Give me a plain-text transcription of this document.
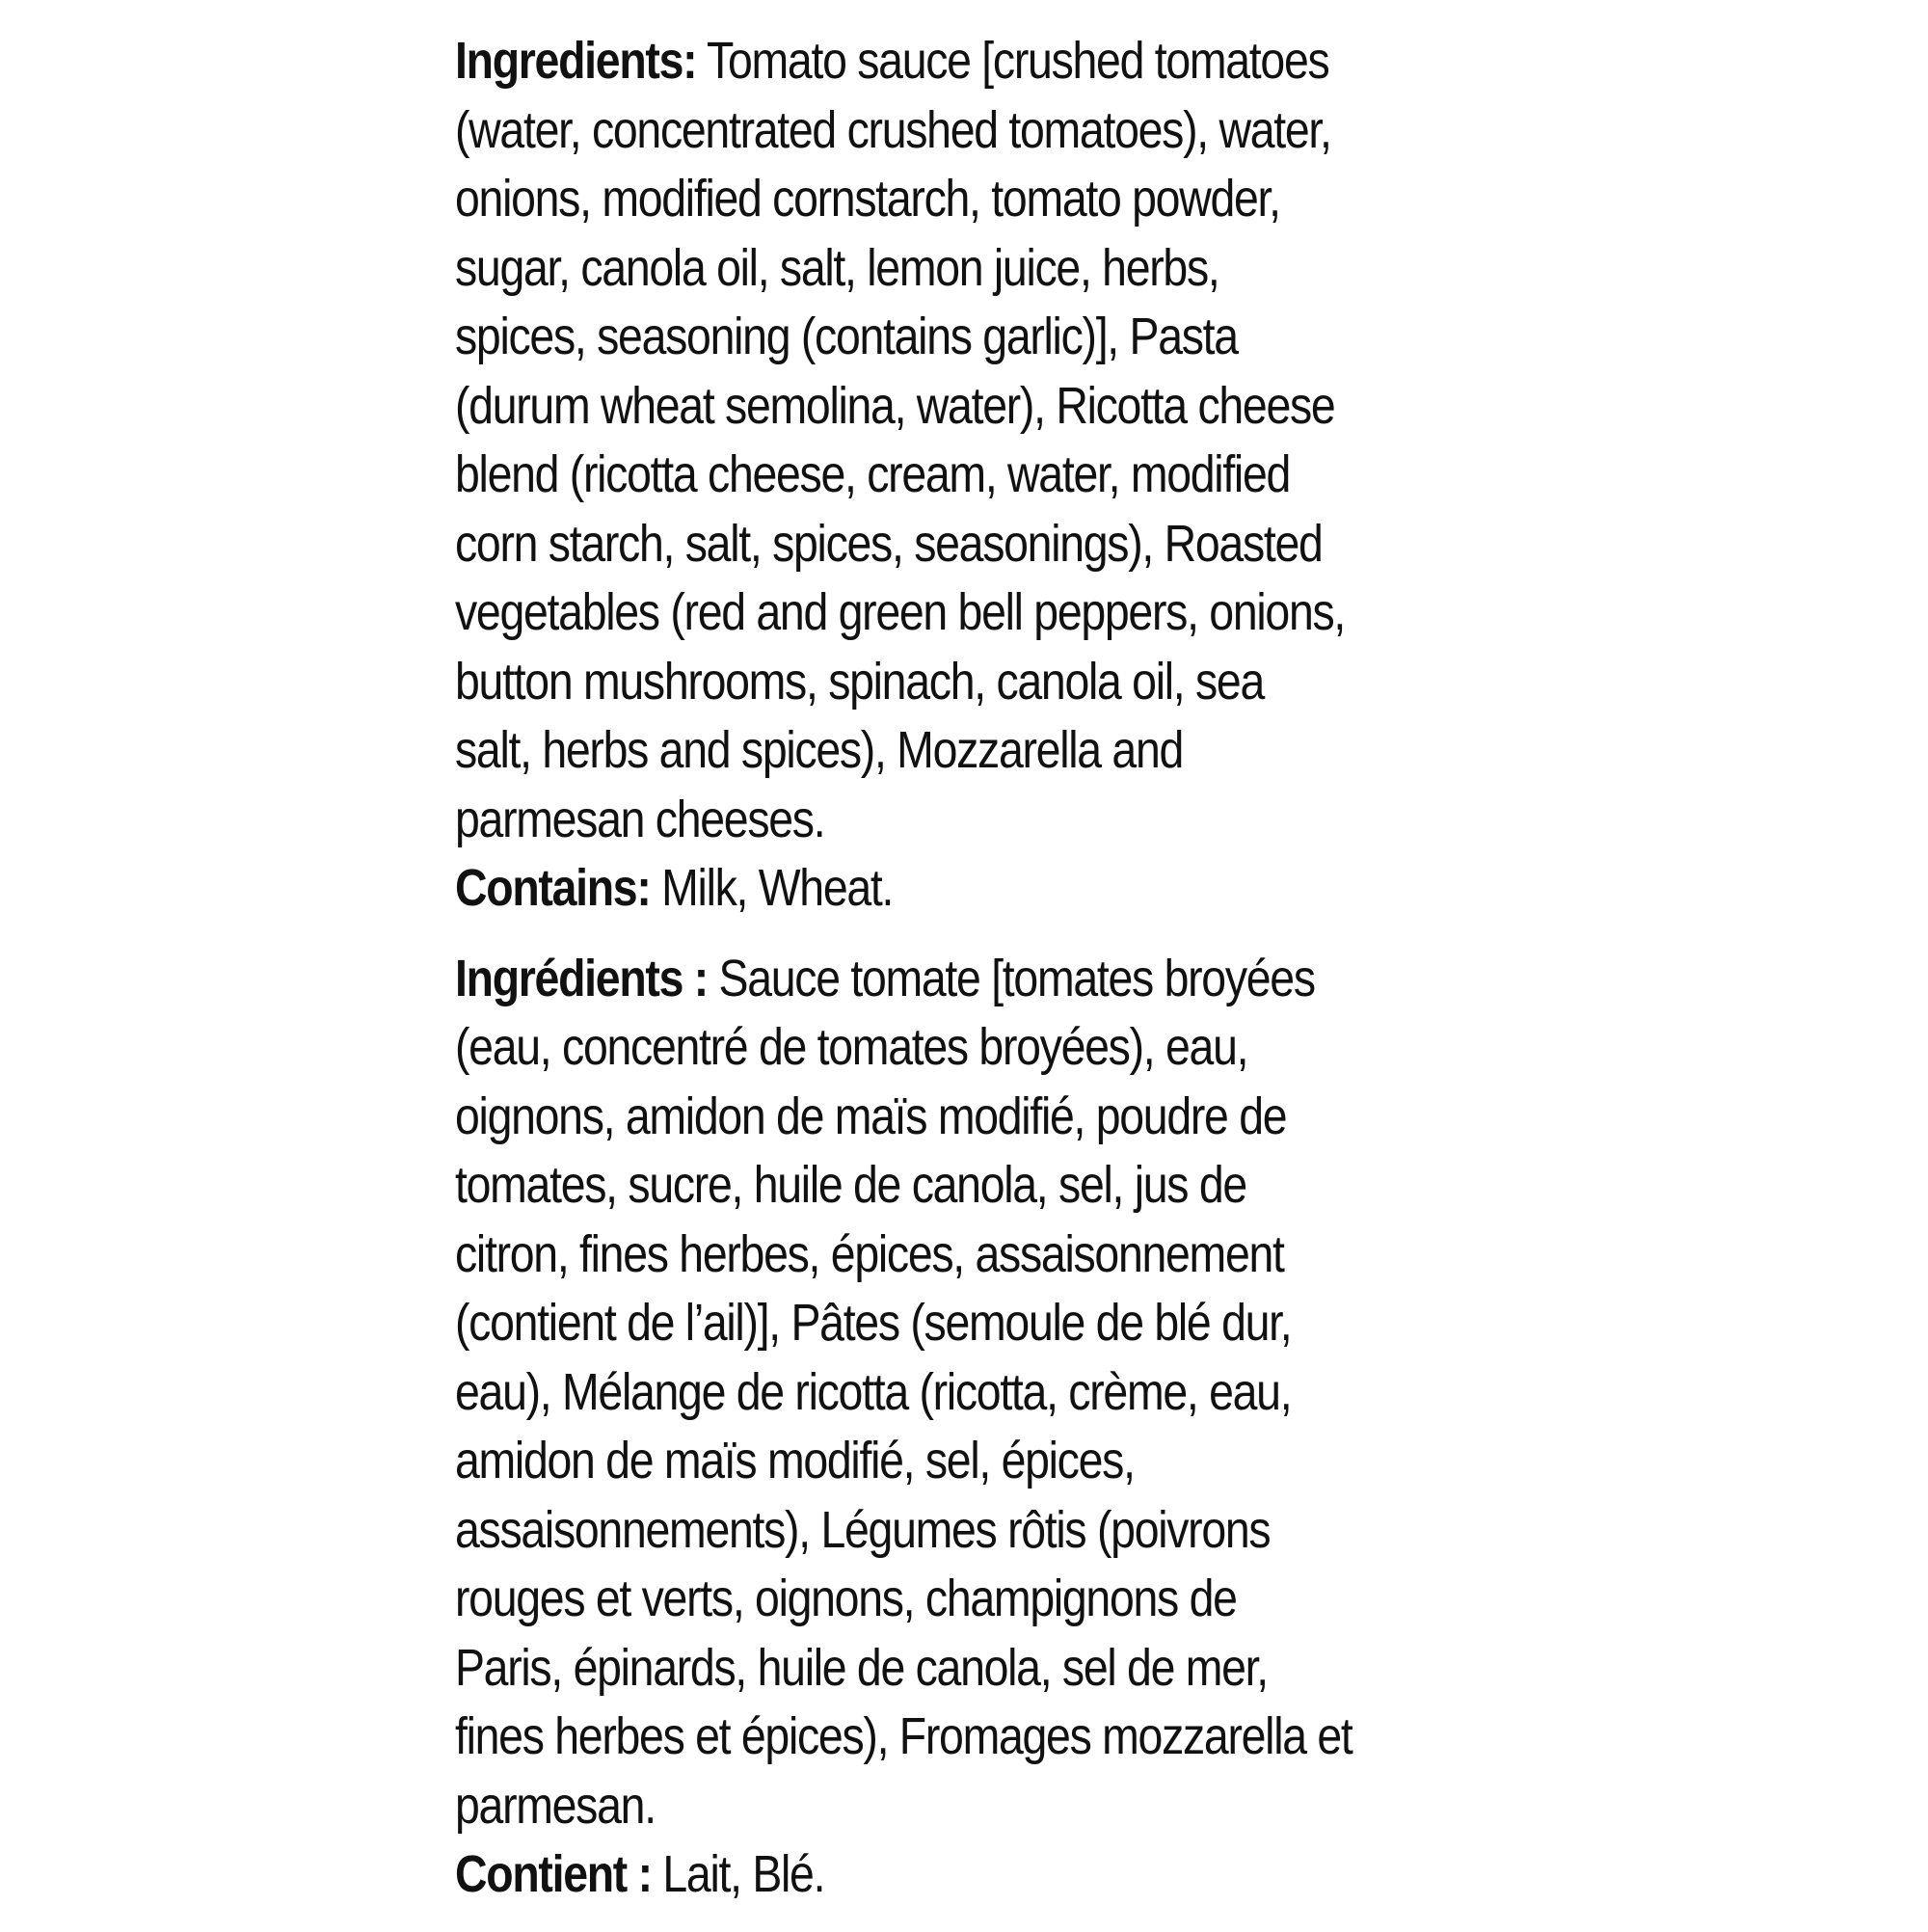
Ingredients: Tomato sauce [crushed tomatoes
(water, concentrated crushed tomatoes), water,
onions, modified cornstarch, tomato powder,
sugar, canola oil, salt, lemon juice, herbs,
spices, seasoning (contains garlic)], Pasta
(durum wheat semolina, water), Ricotta cheese
blend (ricotta cheese, cream, water, modified
corn starch, salt, spices, seasonings), Roasted
vegetables (red and green bell peppers, onions,
button mushrooms, spinach, canola oil, sea
salt, herbs and spices), Mozzarella and
parmesan cheeses.
Contains: Milk, Wheat.
Ingrédients : Sauce tomate [tomates broyées
(eau, concentré de tomates broyées), eau,
oignons, amidon de maïs modifié, poudre de
tomates, sucre, huile de canola, sel, jus de
citron, fines herbes, épices, assaisonnement
(contient de l’ail)], Pâtes (semoule de blé dur,
eau), Mélange de ricotta (ricotta, crème, eau,
amidon de maïs modifié, sel, épices,
assaisonnements), Légumes rôtis (poivrons
rouges et verts, oignons, champignons de
Paris, épinards, huile de canola, sel de mer,
fines herbes et épices), Fromages mozzarella et
parmesan.
Contient : Lait, Blé.
